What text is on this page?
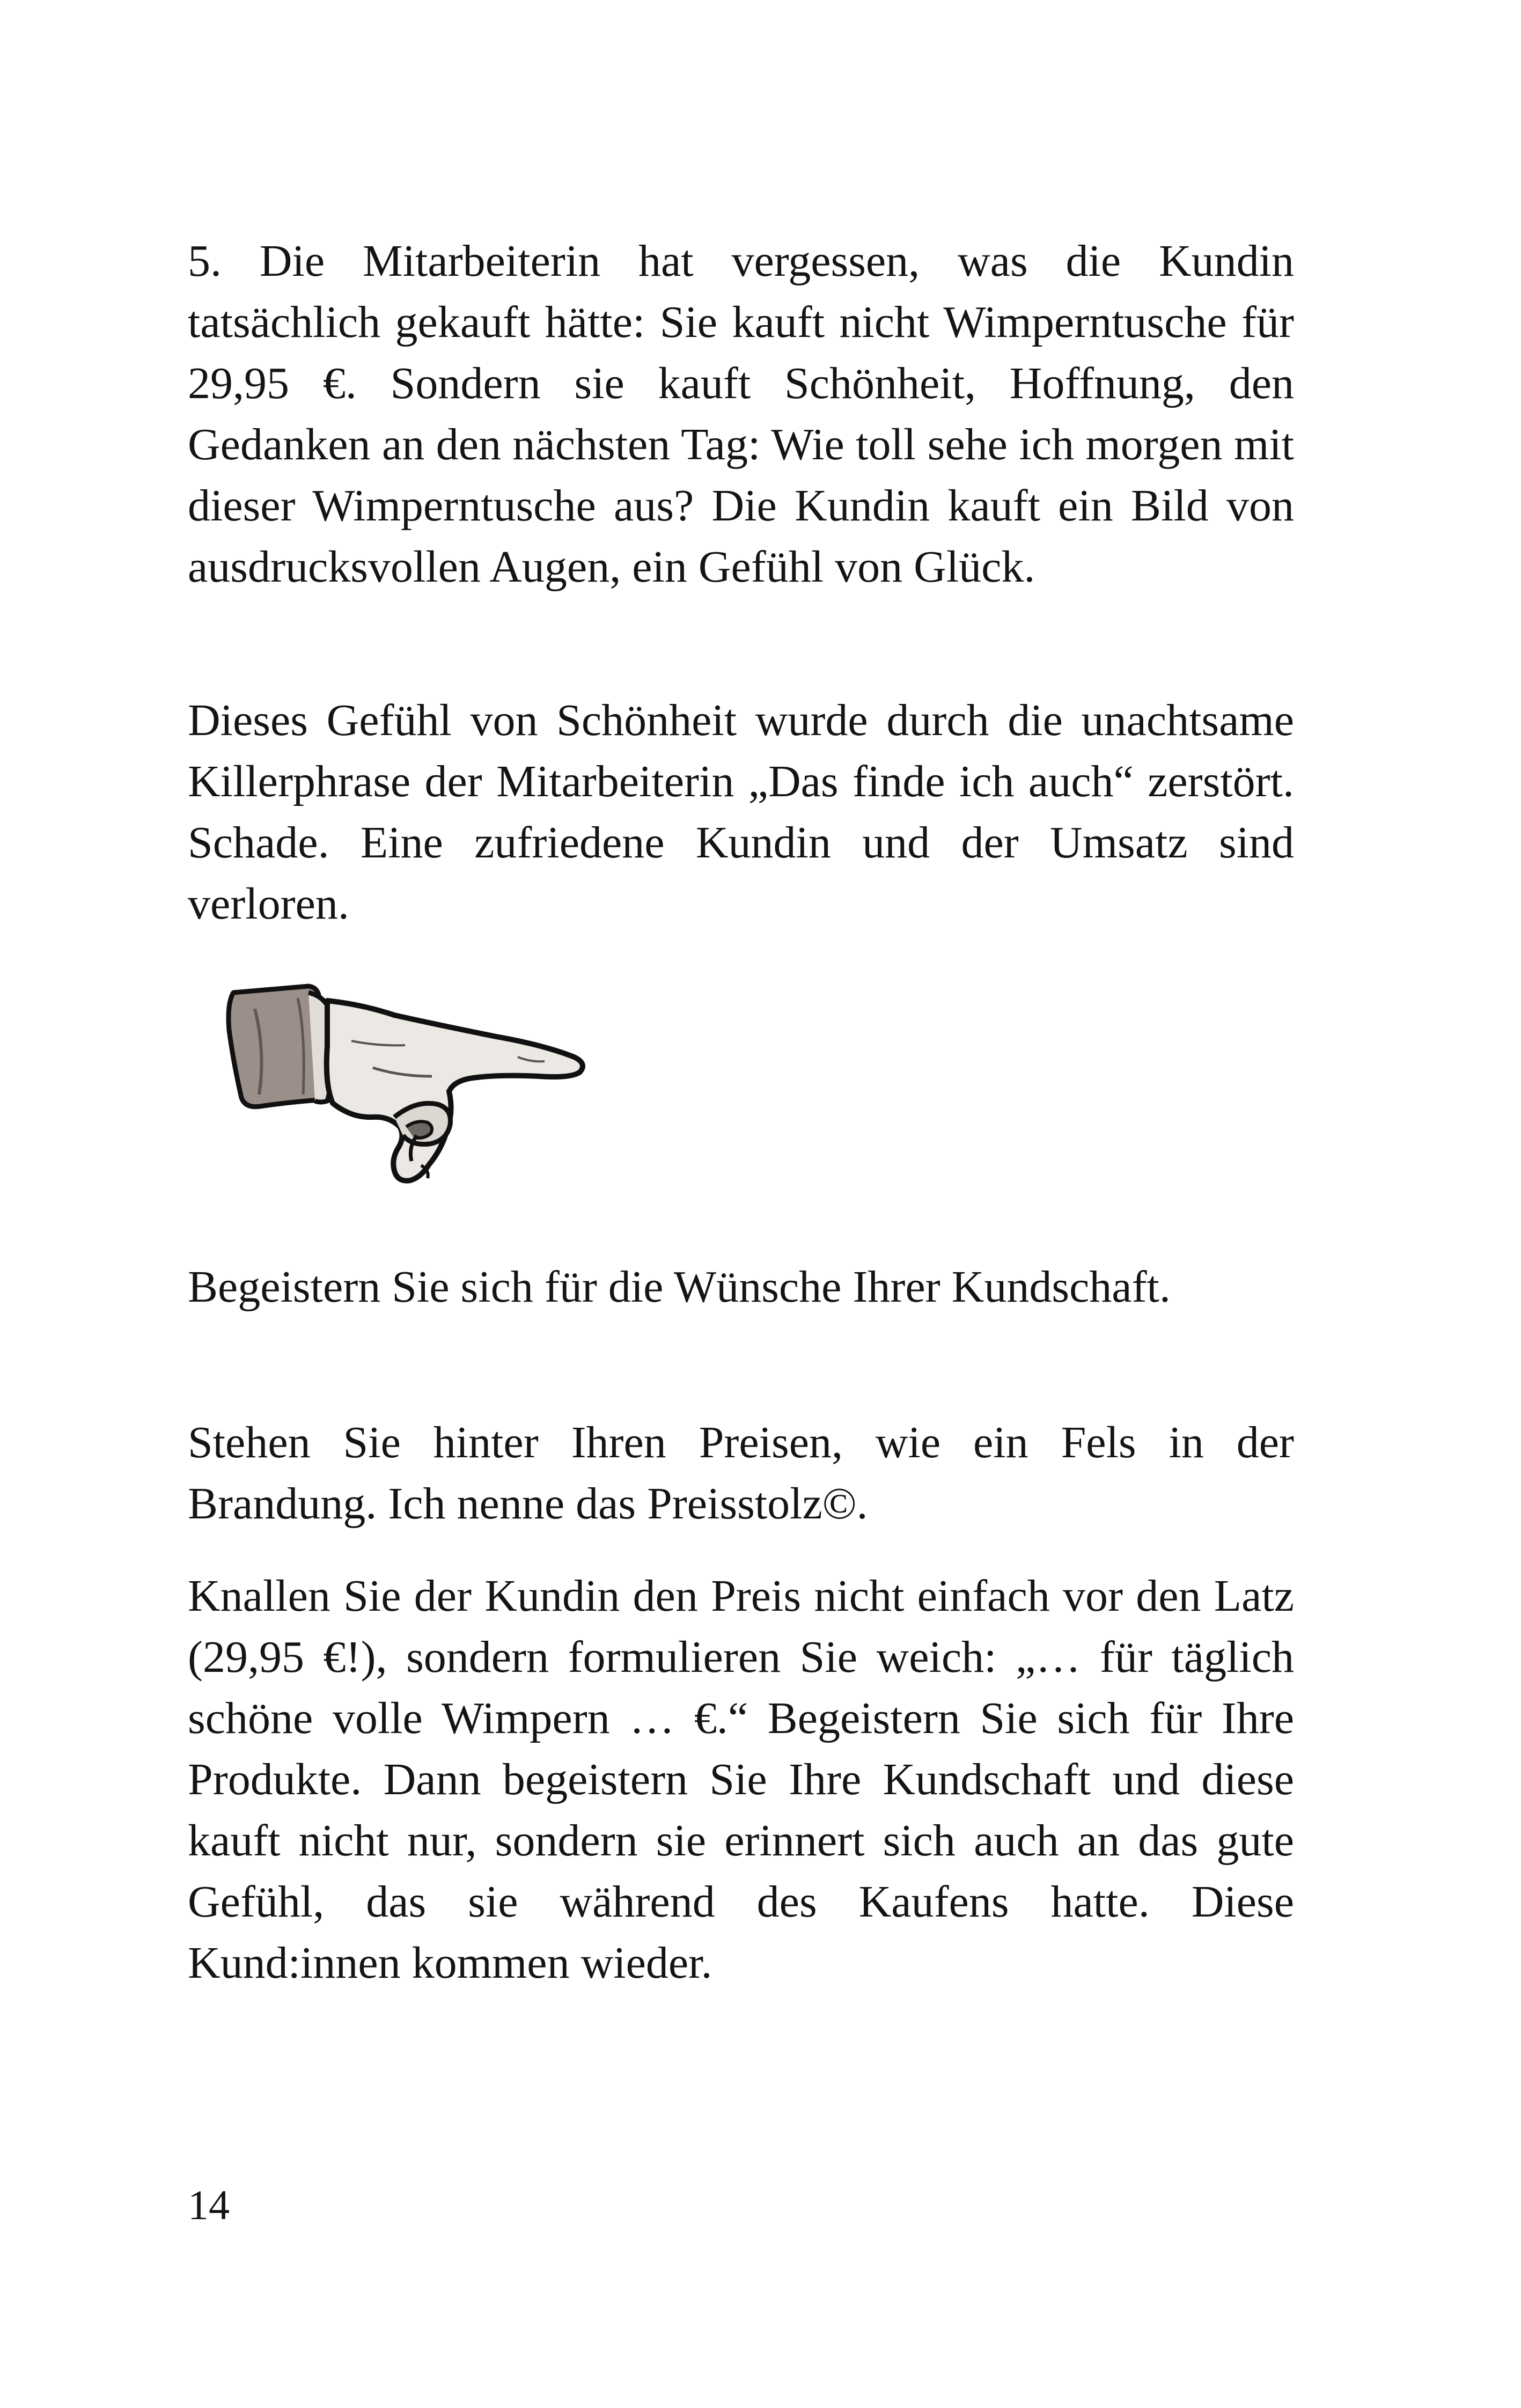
5. Die Mitarbeiterin hat vergessen, was die Kundin tatsächlich gekauft hätte: Sie kauft nicht Wimperntusche für 29,95 €. Sondern sie kauft Schönheit, Hoffnung, den Gedanken an den nächsten Tag: Wie toll sehe ich morgen mit dieser Wimperntusche aus? Die Kundin kauft ein Bild von ausdrucksvollen Augen, ein Gefühl von Glück.

Dieses Gefühl von Schönheit wurde durch die unachtsame Killerphrase der Mitarbeiterin „Das finde ich auch“ zerstört. Schade. Eine zufriedene Kundin und der Umsatz sind verloren.

Begeistern Sie sich für die Wünsche Ihrer Kundschaft.

Stehen Sie hinter Ihren Preisen, wie ein Fels in der Brandung. Ich nenne das Preisstolz©.

Knallen Sie der Kundin den Preis nicht einfach vor den Latz (29,95 €!), sondern formulieren Sie weich: „… für täglich schöne volle Wimpern … €.“ Begeistern Sie sich für Ihre Produkte. Dann begeistern Sie Ihre Kundschaft und diese kauft nicht nur, sondern sie erinnert sich auch an das gute Gefühl, das sie während des Kaufens hatte. Diese Kund:innen kommen wieder.

14
